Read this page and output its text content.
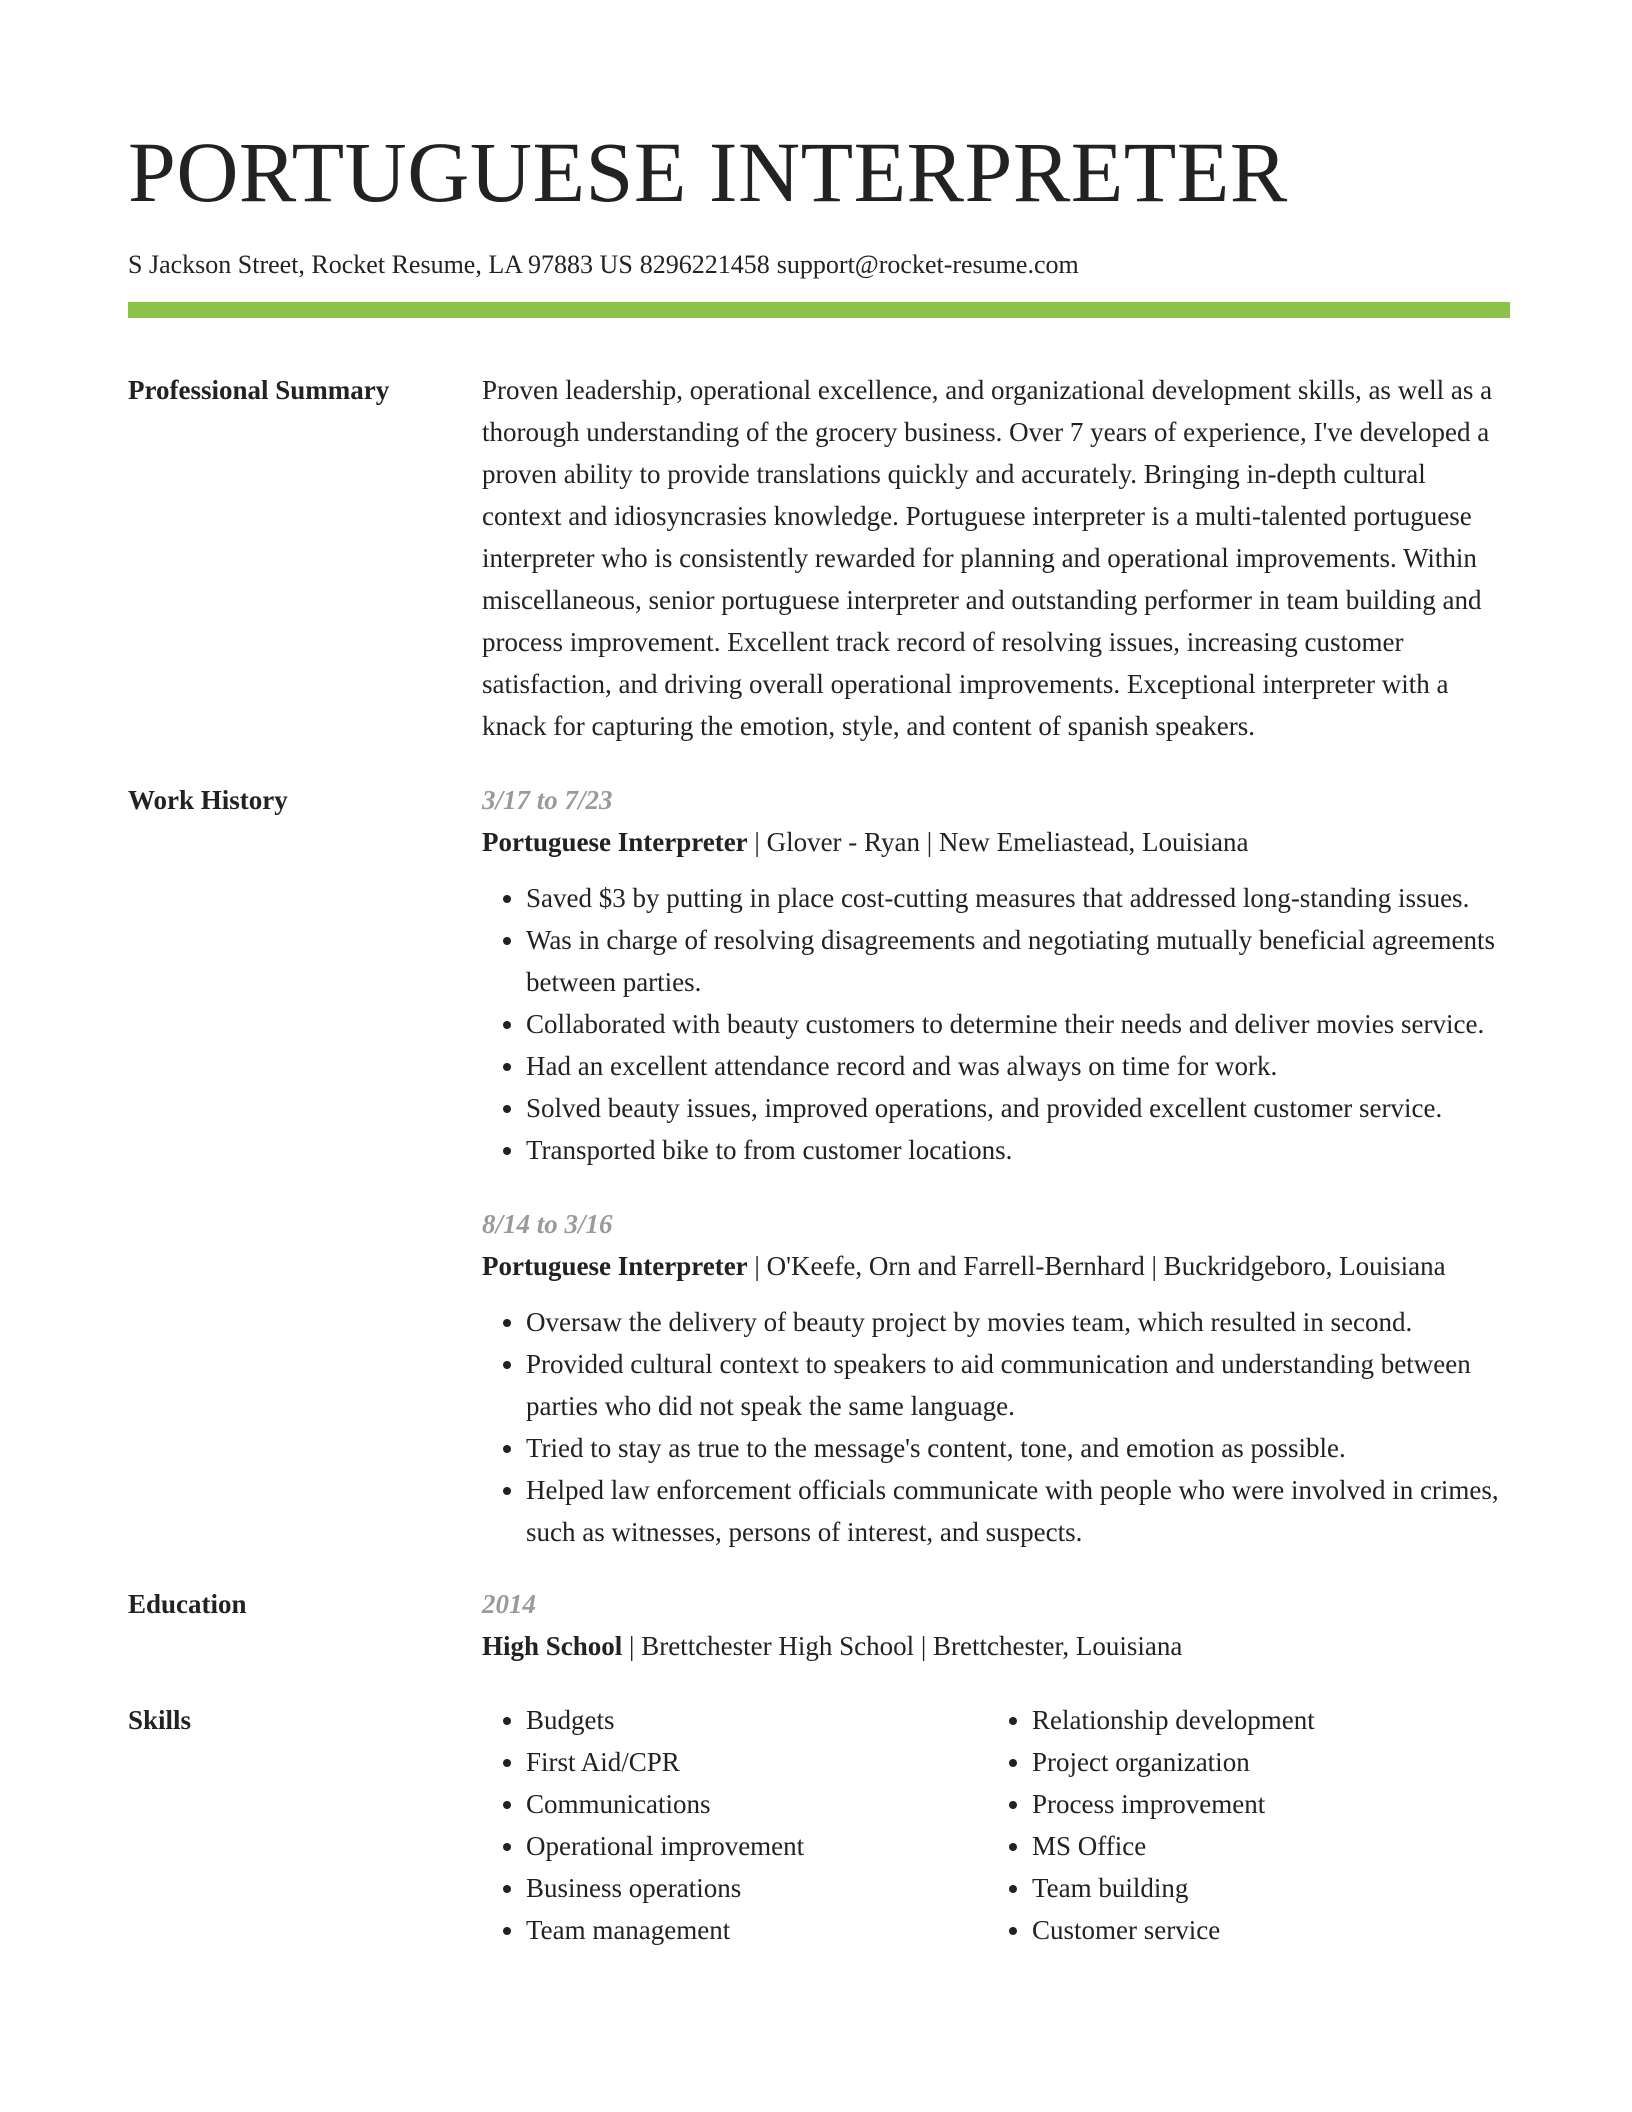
PORTUGUESE INTERPRETER
S Jackson Street, Rocket Resume, LA 97883 US 8296221458 support@rocket-resume.com
Professional Summary	Proven leadership, operational excellence, and organizational development skills, as well as a thorough understanding of the grocery business. Over 7 years of experience, I've developed a proven ability to provide translations quickly and accurately. Bringing in-depth cultural context and idiosyncrasies knowledge. Portuguese interpreter is a multi-talented portuguese interpreter who is consistently rewarded for planning and operational improvements. Within miscellaneous, senior portuguese interpreter and outstanding performer in team building and process improvement. Excellent track record of resolving issues, increasing customer satisfaction, and driving overall operational improvements. Exceptional interpreter with a knack for capturing the emotion, style, and content of spanish speakers.

Work History	3/17 to 7/23
Portuguese Interpreter | Glover - Ryan | New Emeliastead, Louisiana
• Saved $3 by putting in place cost-cutting measures that addressed long-standing issues.
• Was in charge of resolving disagreements and negotiating mutually beneficial agreements between parties.
• Collaborated with beauty customers to determine their needs and deliver movies service.
• Had an excellent attendance record and was always on time for work.
• Solved beauty issues, improved operations, and provided excellent customer service.
• Transported bike to from customer locations.
8/14 to 3/16
Portuguese Interpreter | O'Keefe, Orn and Farrell-Bernhard | Buckridgeboro, Louisiana
• Oversaw the delivery of beauty project by movies team, which resulted in second.
• Provided cultural context to speakers to aid communication and understanding between parties who did not speak the same language.
• Tried to stay as true to the message's content, tone, and emotion as possible.
• Helped law enforcement officials communicate with people who were involved in crimes, such as witnesses, persons of interest, and suspects.
Education	2014
High School | Brettchester High School | Brettchester, Louisiana
Skills
•	Budgets
• First Aid/CPR
• Communications
• Operational improvement
• Business operations
• Team management
• Relationship development
• Project organization
• Process improvement
• MS Office
• Team building
• Customer service
